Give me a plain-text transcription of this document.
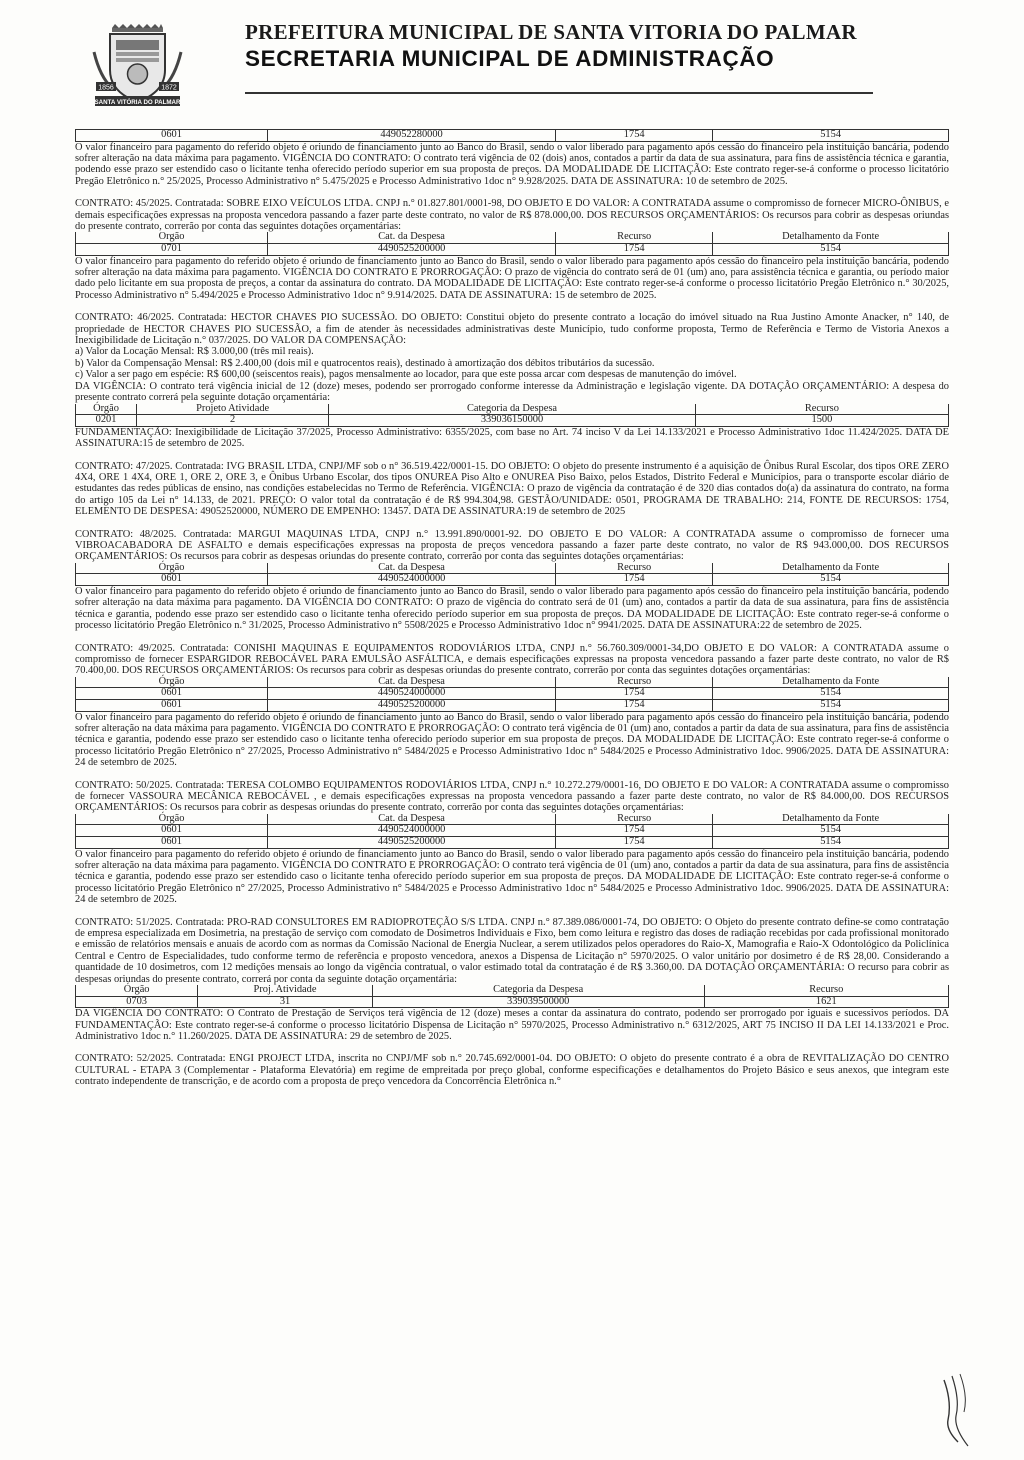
1856	1872
SANTA VITÓRIA DO PALMAR
PREFEITURA MUNICIPAL DE SANTA VITORIA DO PALMAR
SECRETARIA MUNICIPAL DE ADMINISTRAÇÃO
0601	449052280000	1754	5154

O valor financeiro para pagamento do referido objeto é oriundo de financiamento junto ao Banco do Brasil, sendo o valor liberado para pagamento após cessão do financeiro pela instituição bancária, podendo sofrer alteração na data máxima para pagamento. VIGÊNCIA DO CONTRATO: O contrato terá vigência de 02 (dois) anos, contados a partir da data de sua assinatura, para fins de assistência técnica e garantia, podendo esse prazo ser estendido caso o licitante tenha oferecido período superior em sua proposta de preços. DA MODALIDADE DE LICITAÇÃO: Este contrato reger-se-á conforme o processo licitatório Pregão Eletrônico n.° 25/2025, Processo Administrativo n° 5.475/2025 e Processo Administrativo 1doc n° 9.928/2025. DATA DE ASSINATURA: 10 de setembro de 2025.

CONTRATO: 45/2025. Contratada: SOBRE EIXO VEÍCULOS LTDA. CNPJ n.° 01.827.801/0001-98, DO OBJETO E DO VALOR: A CONTRATADA assume o compromisso de fornecer MICRO-ÔNIBUS, e demais especificações expressas na proposta vencedora passando a fazer parte deste contrato, no valor de R$ 878.000,00. DOS RECURSOS ORÇAMENTÁRIOS: Os recursos para cobrir as despesas oriundas do presente contrato, correrão por conta das seguintes dotações orçamentárias:

Orgão	Cat. da Despesa	Recurso	Detalhamento da Fonte
0701	4490525200000	1754	5154

O valor financeiro para pagamento do referido objeto é oriundo de financiamento junto ao Banco do Brasil, sendo o valor liberado para pagamento após cessão do financeiro pela instituição bancária, podendo sofrer alteração na data máxima para pagamento. VIGÊNCIA DO CONTRATO E PRORROGAÇÃO: O prazo de vigência do contrato será de 01 (um) ano, para assistência técnica e garantia, ou período maior dado pelo licitante em sua proposta de preços, a contar da assinatura do contrato. DA MODALIDADE DE LICITAÇÃO: Este contrato reger-se-á conforme o processo licitatório Pregão Eletrônico n.° 30/2025, Processo Administrativo n° 5.494/2025 e Processo Administrativo 1doc n° 9.914/2025. DATA DE ASSINATURA: 15 de setembro de 2025.

CONTRATO: 46/2025. Contratada: HECTOR CHAVES PIO SUCESSÃO. DO OBJETO: Constitui objeto do presente contrato a locação do imóvel situado na Rua Justino Amonte Anacker, n° 140, de propriedade de HECTOR CHAVES PIO SUCESSÃO, a fim de atender às necessidades administrativas deste Município, tudo conforme proposta, Termo de Referência e Termo de Vistoria Anexos a Inexigibilidade de Licitação n.° 037/2025. DO VALOR DA COMPENSAÇÃO:

a) Valor da Locação Mensal: R$ 3.000,00 (três mil reais).

b) Valor da Compensação Mensal: R$ 2.400,00 (dois mil e quatrocentos reais), destinado à amortização dos débitos tributários da sucessão.

c) Valor a ser pago em espécie: R$ 600,00 (seiscentos reais), pagos mensalmente ao locador, para que este possa arcar com despesas de manutenção do imóvel.

DA VIGÊNCIA: O contrato terá vigência inicial de 12 (doze) meses, podendo ser prorrogado conforme interesse da Administração e legislação vigente. DA DOTAÇÃO ORÇAMENTÁRIO: A despesa do presente contrato correrá pela seguinte dotação orçamentária:

Órgão	Projeto Atividade	Categoria da Despesa	Recurso
0201	2	339036150000	1500

FUNDAMENTAÇÃO: Inexigibilidade de Licitação 37/2025, Processo Administrativo: 6355/2025, com base no Art. 74 inciso V da Lei 14.133/2021 e Processo Administrativo 1doc 11.424/2025. DATA DE ASSINATURA:15 de setembro de 2025.

CONTRATO: 47/2025. Contratada: IVG BRASIL LTDA, CNPJ/MF sob o n° 36.519.422/0001-15. DO OBJETO: O objeto do presente instrumento é a aquisição de Ônibus Rural Escolar, dos tipos ORE ZERO 4X4, ORE 1 4X4, ORE 1, ORE 2, ORE 3, e Ônibus Urbano Escolar, dos tipos ONUREA Piso Alto e ONUREA Piso Baixo, pelos Estados, Distrito Federal e Municípios, para o transporte escolar diário de estudantes das redes públicas de ensino, nas condições estabelecidas no Termo de Referência. VIGÊNCIA: O prazo de vigência da contratação é de 320 dias contados do(a) da assinatura do contrato, na forma do artigo 105 da Lei n° 14.133, de 2021. PREÇO: O valor total da contratação é de R$ 994.304,98. GESTÃO/UNIDADE: 0501, PROGRAMA DE TRABALHO: 214, FONTE DE RECURSOS: 1754, ELEMENTO DE DESPESA: 49052520000, NÚMERO DE EMPENHO: 13457. DATA DE ASSINATURA:19 de setembro de 2025

CONTRATO: 48/2025. Contratada: MARGUI MAQUINAS LTDA, CNPJ n.° 13.991.890/0001-92. DO OBJETO E DO VALOR: A CONTRATADA assume o compromisso de fornecer uma VIBROACABADORA DE ASFALTO e demais especificações expressas na proposta de preços vencedora passando a fazer parte deste contrato, no valor de R$ 943.000,00. DOS RECURSOS ORÇAMENTÁRIOS: Os recursos para cobrir as despesas oriundas do presente contrato, correrão por conta das seguintes dotações orçamentárias:

Órgão	Cat. da Despesa	Recurso	Detalhamento da Fonte
0601	4490524000000	1754	5154

O valor financeiro para pagamento do referido objeto é oriundo de financiamento junto ao Banco do Brasil, sendo o valor liberado para pagamento após cessão do financeiro pela instituição bancária, podendo sofrer alteração na data máxima para pagamento. DA VIGÊNCIA DO CONTRATO: O prazo de vigência do contrato será de 01 (um) ano, contados a partir da data de sua assinatura, para fins de assistência técnica e garantia, podendo esse prazo ser estendido caso o licitante tenha oferecido período superior em sua proposta de preços. DA MODALIDADE DE LICITAÇÃO: Este contrato reger-se-á conforme o processo licitatório Pregão Eletrônico n.° 31/2025, Processo Administrativo n° 5508/2025 e Processo Administrativo 1doc n° 9941/2025. DATA DE ASSINATURA:22 de setembro de 2025.

CONTRATO: 49/2025. Contratada: CONISHI MAQUINAS E EQUIPAMENTOS RODOVIÁRIOS LTDA, CNPJ n.° 56.760.309/0001-34,DO OBJETO E DO VALOR: A CONTRATADA assume o compromisso de fornecer ESPARGIDOR REBOCÁVEL PARA EMULSÃO ASFÁLTICA, e demais especificações expressas na proposta vencedora passando a fazer parte deste contrato, no valor de R$ 70.400,00. DOS RECURSOS ORÇAMENTÁRIOS: Os recursos para cobrir as despesas oriundas do presente contrato, correrão por conta das seguintes dotações orçamentárias:

Órgão	Cat. da Despesa	Recurso	Detalhamento da Fonte
0601	4490524000000	1754	5154
0601	4490525200000	1754	5154

O valor financeiro para pagamento do referido objeto é oriundo de financiamento junto ao Banco do Brasil, sendo o valor liberado para pagamento após cessão do financeiro pela instituição bancária, podendo sofrer alteração na data máxima para pagamento. VIGÊNCIA DO CONTRATO E PRORROGAÇÃO: O contrato terá vigência de 01 (um) ano, contados a partir da data de sua assinatura, para fins de assistência técnica e garantia, podendo esse prazo ser estendido caso o licitante tenha oferecido período superior em sua proposta de preços. DA MODALIDADE DE LICITAÇÃO: Este contrato reger-se-á conforme o processo licitatório Pregão Eletrônico n° 27/2025, Processo Administrativo n° 5484/2025 e Processo Administrativo 1doc n° 5484/2025 e Processo Administrativo 1doc. 9906/2025. DATA DE ASSINATURA: 24 de setembro de 2025.

CONTRATO: 50/2025. Contratada: TERESA COLOMBO EQUIPAMENTOS RODOVIÁRIOS LTDA, CNPJ n.° 10.272.279/0001-16, DO OBJETO E DO VALOR: A CONTRATADA assume o compromisso de fornecer VASSOURA MECÂNICA REBOCÁVEL , e demais especificações expressas na proposta vencedora passando a fazer parte deste contrato, no valor de R$ 84.000,00. DOS RECURSOS ORÇAMENTÁRIOS: Os recursos para cobrir as despesas oriundas do presente contrato, correrão por conta das seguintes dotações orçamentárias:

Órgão	Cat. da Despesa	Recurso	Detalhamento da Fonte
0601	4490524000000	1754	5154
0601	4490525200000	1754	5154

O valor financeiro para pagamento do referido objeto é oriundo de financiamento junto ao Banco do Brasil, sendo o valor liberado para pagamento após cessão do financeiro pela instituição bancária, podendo sofrer alteração na data máxima para pagamento. VIGÊNCIA DO CONTRATO E PRORROGAÇÃO: O contrato terá vigência de 01 (um) ano, contados a partir da data de sua assinatura, para fins de assistência técnica e garantia, podendo esse prazo ser estendido caso o licitante tenha oferecido período superior em sua proposta de preços. DA MODALIDADE DE LICITAÇÃO: Este contrato reger-se-á conforme o processo licitatório Pregão Eletrônico n° 27/2025, Processo Administrativo n° 5484/2025 e Processo Administrativo 1doc n° 5484/2025 e Processo Administrativo 1doc. 9906/2025. DATA DE ASSINATURA: 24 de setembro de 2025.

CONTRATO: 51/2025. Contratada: PRO-RAD CONSULTORES EM RADIOPROTEÇÃO S/S LTDA. CNPJ n.° 87.389.086/0001-74, DO OBJETO: O Objeto do presente contrato define-se como contratação de empresa especializada em Dosimetria, na prestação de serviço com comodato de Dosimetros Individuais e Fixo, bem como leitura e registro das doses de radiação recebidas por cada profissional monitorado e emissão de relatórios mensais e anuais de acordo com as normas da Comissão Nacional de Energia Nuclear, a serem utilizados pelos operadores do Raio-X, Mamografia e Raio-X Odontológico da Policlínica Central e Centro de Especialidades, tudo conforme termo de referência e proposto vencedora, anexos a Dispensa de Licitação n° 5970/2025. O valor unitário por dosimetro é de R$ 28,00. Considerando a quantidade de 10 dosimetros, com 12 medições mensais ao longo da vigência contratual, o valor estimado total da contratação é de R$ 3.360,00. DA DOTAÇÃO ORÇAMENTÁRIA: O recurso para cobrir as despesas oriundas do presente contrato, correrá por conta da seguinte dotação orçamentária:

Órgão	Proj. Atividade	Categoria da Despesa	Recurso
0703	31	339039500000	1621

DA VIGÊNCIA DO CONTRATO: O Contrato de Prestação de Serviços terá vigência de 12 (doze) meses a contar da assinatura do contrato, podendo ser prorrogado por iguais e sucessivos períodos. DA FUNDAMENTAÇÃO: Este contrato reger-se-á conforme o processo licitatório Dispensa de Licitação n° 5970/2025, Processo Administrativo n.° 6312/2025, ART 75 INCISO II DA LEI 14.133/2021 e Proc. Administrativo 1doc n.° 11.260/2025. DATA DE ASSINATURA: 29 de setembro de 2025.

CONTRATO: 52/2025. Contratada: ENGI PROJECT LTDA, inscrita no CNPJ/MF sob n.° 20.745.692/0001-04. DO OBJETO: O objeto do presente contrato é a obra de REVITALIZAÇÃO DO CENTRO CULTURAL - ETAPA 3 (Complementar - Plataforma Elevatória) em regime de empreitada por preço global, conforme especificações e detalhamentos do Projeto Básico e seus anexos, que integram este contrato independente de transcrição, e de acordo com a proposta de preço vencedora da Concorrência Eletrônica n.°
